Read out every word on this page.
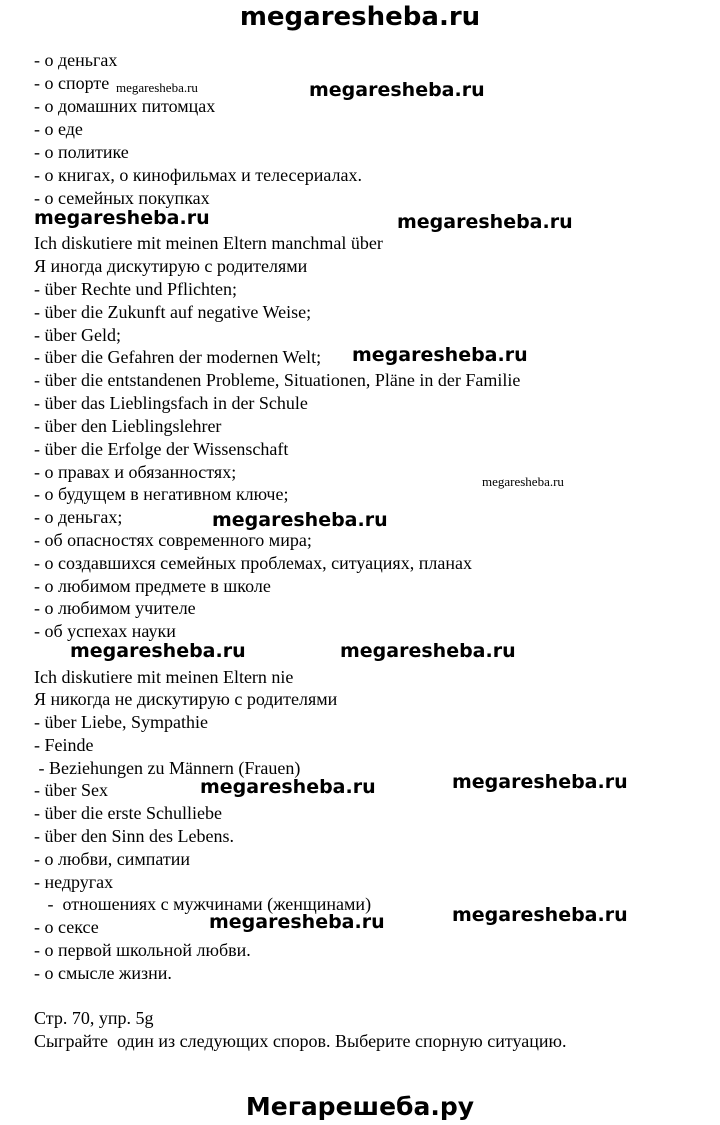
megaresheba.ru
- о деньгах
- о спорте
- о домашних питомцах
- о еде
- о политике
- о книгах, о кинофильмах и телесериалах.
- о семейных покупках
Ich diskutiere mit meinen Eltern manchmal über
Я иногда дискутирую с родителями
- über Rechte und Pflichten;
- über die Zukunft auf negative Weise;
- über Geld;
- über die Gefahren der modernen Welt;
- über die entstandenen Probleme, Situationen, Pläne in der Familie
- über das Lieblingsfach in der Schule
- über den Lieblingslehrer
- über die Erfolge der Wissenschaft
- о правах и обязанностях;
- о будущем в негативном ключе;
- о деньгах;
- об опасностях современного мира;
- о создавшихся семейных проблемах, ситуациях, планах
- о любимом предмете в школе
- о любимом учителе
- об успехах науки
Ich diskutiere mit meinen Eltern nie
Я никогда не дискутирую с родителями
- über Liebe, Sympathie
- Feinde
- Beziehungen zu Männern (Frauen)
- über Sex
- über die erste Schulliebe
- über den Sinn des Lebens.
- о любви, симпатии
- недругах
-  отношениях с мужчинами (женщинами)
- о сексе
- о первой школьной любви.
- о смысле жизни.
Стр. 70, упр. 5g
Сыграйте  один из следующих споров. Выберите спорную ситуацию.
megaresheba.ru	megaresheba.ru
megaresheba.ru	megaresheba.ru
megaresheba.ru
megaresheba.ru
megaresheba.ru
megaresheba.ru	megaresheba.ru
megaresheba.ru	megaresheba.ru
megaresheba.ru	megaresheba.ru
Мегарешеба.ру
